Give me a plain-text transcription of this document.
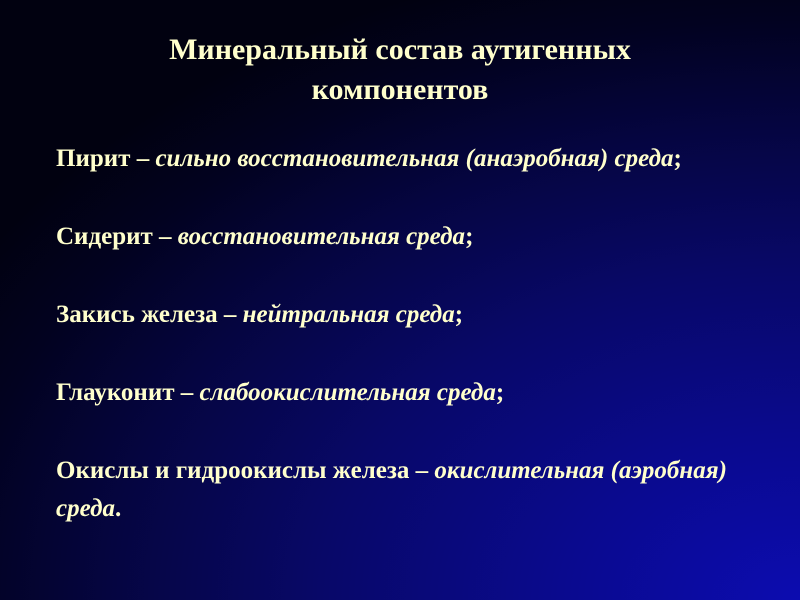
Минеральный состав аутигенных
компонентов
Пирит – сильно восстановительная (анаэробная) среда;
Сидерит – восстановительная среда;
Закись железа – нейтральная среда;
Глауконит – слабоокислительная среда;
Окислы и гидроокислы железа – окислительная (аэробная) среда.
